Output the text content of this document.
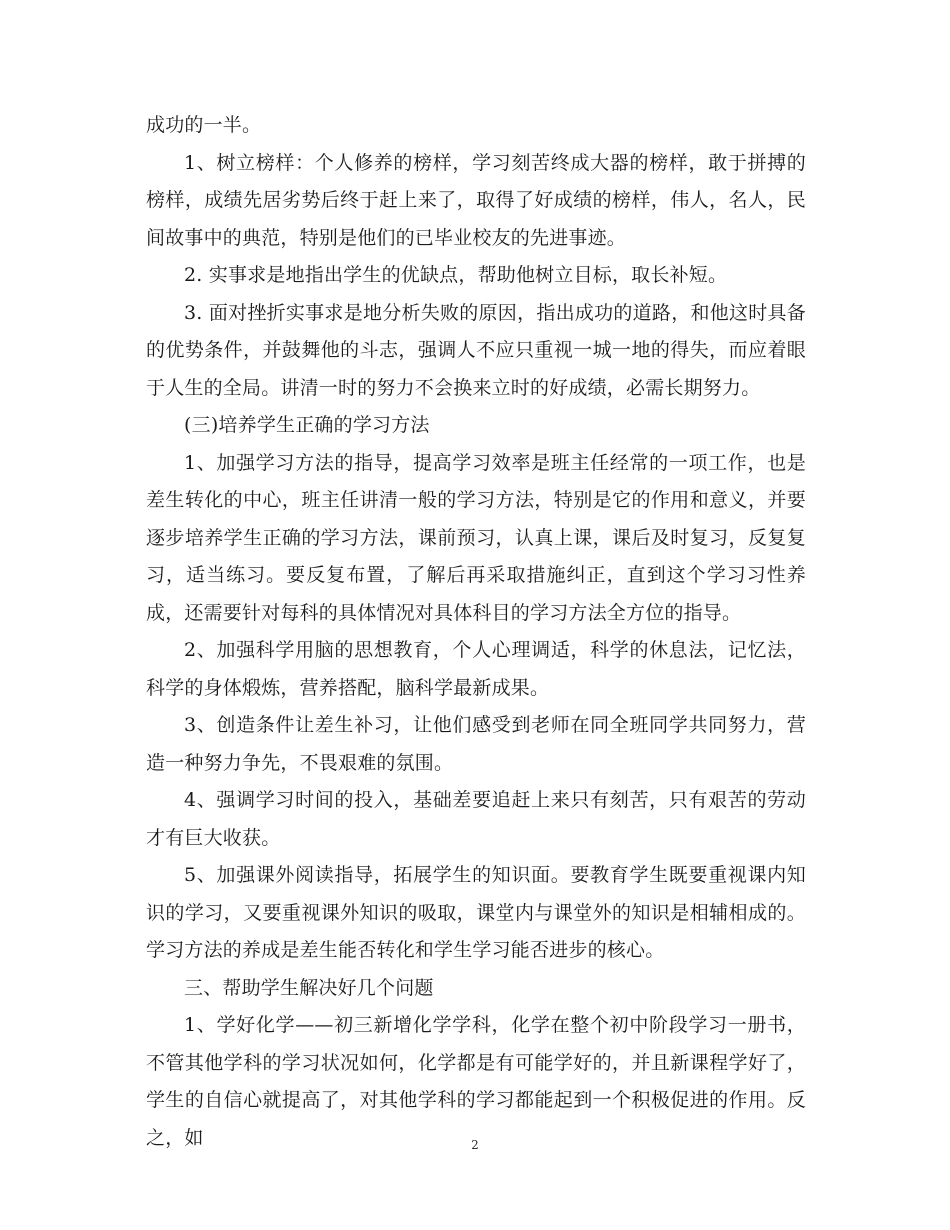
成功的一半。

1、树立榜样：个人修养的榜样，学习刻苦终成大器的榜样，敢于拼搏的榜样，成绩先居劣势后终于赶上来了，取得了好成绩的榜样，伟人，名人，民间故事中的典范，特别是他们的已毕业校友的先进事迹。

2. 实事求是地指出学生的优缺点，帮助他树立目标，取长补短。

3. 面对挫折实事求是地分析失败的原因，指出成功的道路，和他这时具备的优势条件，并鼓舞他的斗志，强调人不应只重视一城一地的得失，而应着眼于人生的全局。讲清一时的努力不会换来立时的好成绩，必需长期努力。

(三)培养学生正确的学习方法

1、加强学习方法的指导，提高学习效率是班主任经常的一项工作，也是差生转化的中心，班主任讲清一般的学习方法，特别是它的作用和意义，并要逐步培养学生正确的学习方法，课前预习，认真上课，课后及时复习，反复复习，适当练习。要反复布置，了解后再采取措施纠正，直到这个学习习性养成，还需要针对每科的具体情况对具体科目的学习方法全方位的指导。

2、加强科学用脑的思想教育，个人心理调适，科学的休息法，记忆法，科学的身体煅炼，营养搭配，脑科学最新成果。

3、创造条件让差生补习，让他们感受到老师在同全班同学共同努力，营造一种努力争先，不畏艰难的氛围。

4、强调学习时间的投入，基础差要追赶上来只有刻苦，只有艰苦的劳动才有巨大收获。

5、加强课外阅读指导，拓展学生的知识面。要教育学生既要重视课内知识的学习，又要重视课外知识的吸取，课堂内与课堂外的知识是相辅相成的。学习方法的养成是差生能否转化和学生学习能否进步的核心。

三、帮助学生解决好几个问题

1、学好化学——初三新增化学学科，化学在整个初中阶段学习一册书，不管其他学科的学习状况如何，化学都是有可能学好的，并且新课程学好了，学生的自信心就提高了，对其他学科的学习都能起到一个积极促进的作用。反之，如	2
